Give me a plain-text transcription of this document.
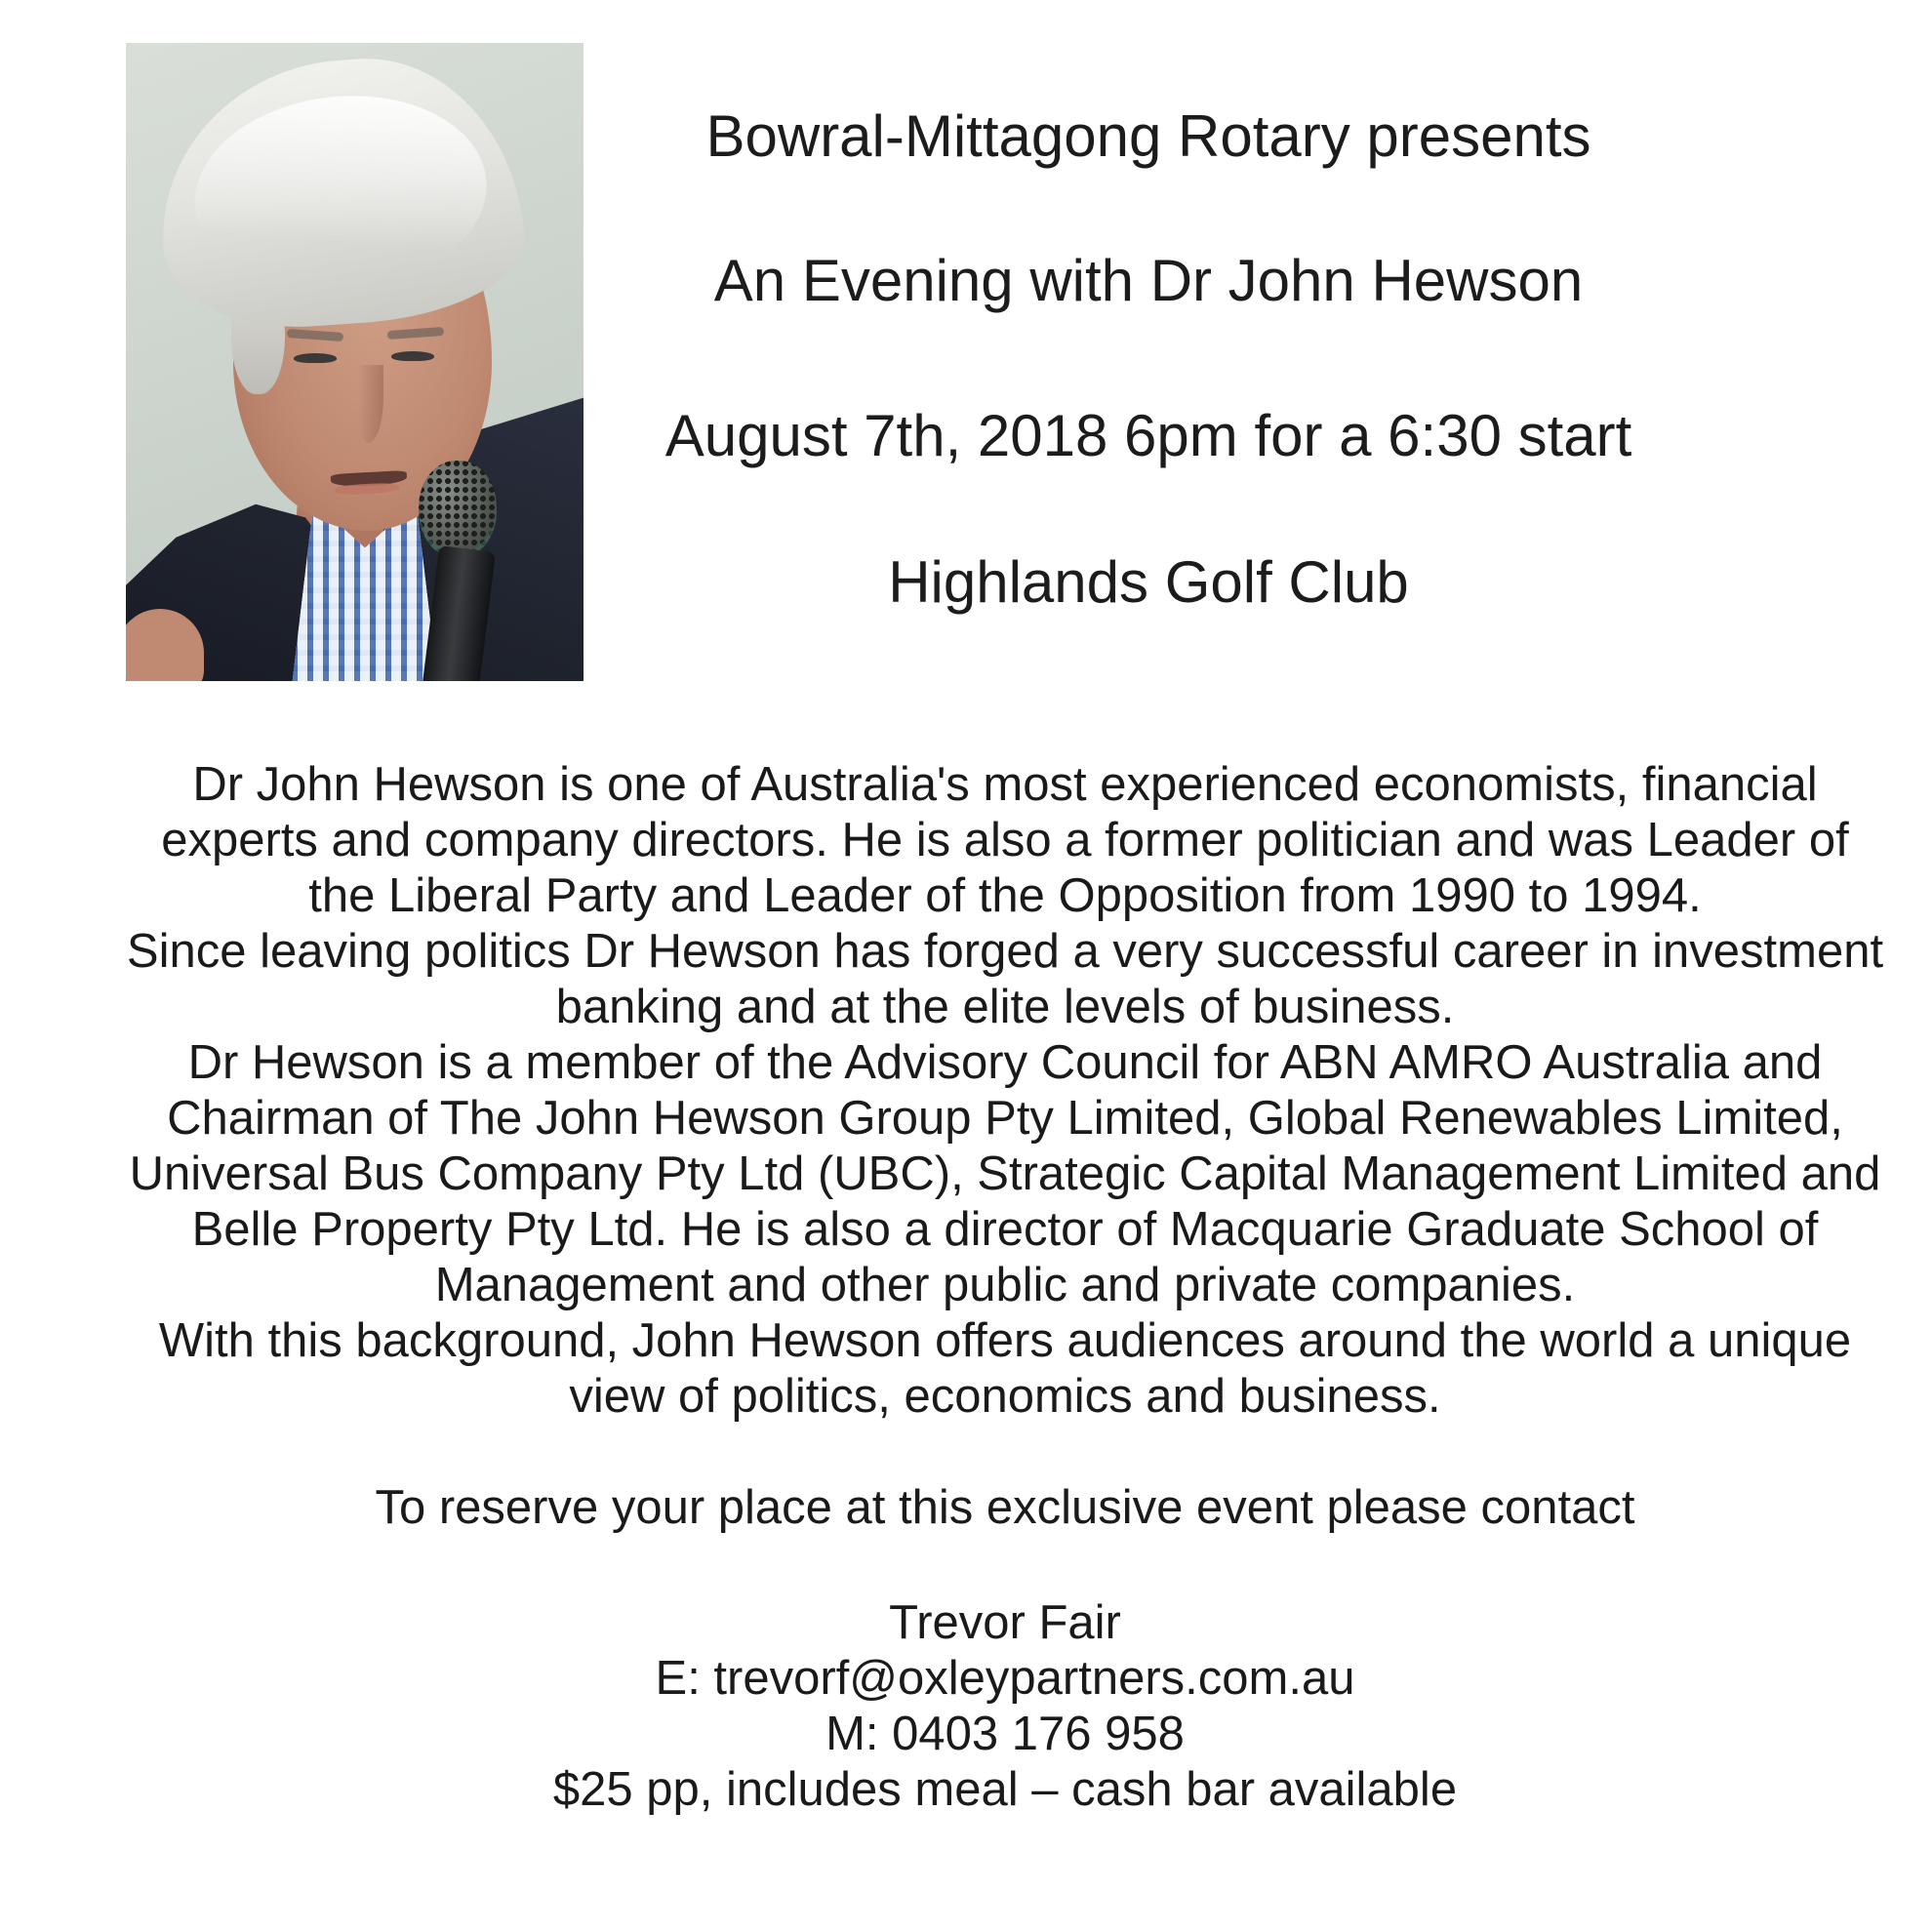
Bowral-Mittagong Rotary presents
An Evening with Dr John Hewson
August 7th, 2018 6pm for a 6:30 start
Highlands Golf Club
Dr John Hewson is one of Australia's most experienced economists, financial
experts and company directors. He is also a former politician and was Leader of
the Liberal Party and Leader of the Opposition from 1990 to 1994.
Since leaving politics Dr Hewson has forged a very successful career in investment
banking and at the elite levels of business.
Dr Hewson is a member of the Advisory Council for ABN AMRO Australia and
Chairman of The John Hewson Group Pty Limited, Global Renewables Limited,
Universal Bus Company Pty Ltd (UBC), Strategic Capital Management Limited and
Belle Property Pty Ltd. He is also a director of Macquarie Graduate School of
Management and other public and private companies.
With this background, John Hewson offers audiences around the world a unique
view of politics, economics and business.
To reserve your place at this exclusive event please contact
Trevor Fair
E: trevorf@oxleypartners.com.au
M: 0403 176 958
$25 pp, includes meal – cash bar available
